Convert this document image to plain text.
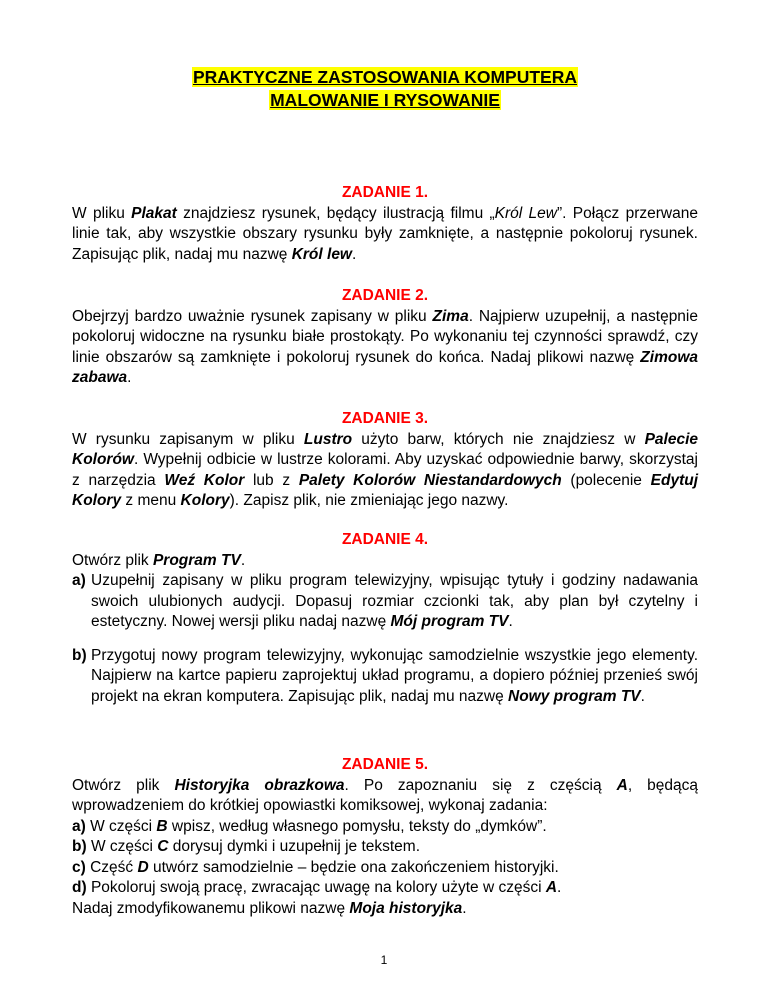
PRAKTYCZNE ZASTOSOWANIA KOMPUTERA
MALOWANIE I RYSOWANIE
ZADANIE 1.

W pliku Plakat znajdziesz rysunek, będący ilustracją filmu „Król Lew”. Połącz przerwane linie tak, aby wszystkie obszary rysunku były zamknięte, a następnie pokoloruj rysunek. Zapisując plik, nadaj mu nazwę Król lew.

ZADANIE 2.

Obejrzyj bardzo uważnie rysunek zapisany w pliku Zima. Najpierw uzupełnij, a następnie pokoloruj widoczne na rysunku białe prostokąty. Po wykonaniu tej czynności sprawdź, czy linie obszarów są zamknięte i pokoloruj rysunek do końca. Nadaj plikowi nazwę Zimowa zabawa.

ZADANIE 3.

W rysunku zapisanym w pliku Lustro użyto barw, których nie znajdziesz w Palecie Kolorów. Wypełnij odbicie w lustrze kolorami. Aby uzyskać odpowiednie barwy, skorzystaj z narzędzia Weź Kolor lub z Palety Kolorów Niestandardowych (polecenie Edytuj Kolory z menu Kolory). Zapisz plik, nie zmieniając jego nazwy.

ZADANIE 4.

Otwórz plik Program TV.

a) Uzupełnij zapisany w pliku program telewizyjny, wpisując tytuły i godziny nadawania swoich ulubionych audycji. Dopasuj rozmiar czcionki tak, aby plan był czytelny i estetyczny. Nowej wersji pliku nadaj nazwę Mój program TV.
b) Przygotuj nowy program telewizyjny, wykonując samodzielnie wszystkie jego elementy. Najpierw na kartce papieru zaprojektuj układ programu, a dopiero później przenieś swój projekt na ekran komputera. Zapisując plik, nadaj mu nazwę Nowy program TV.
ZADANIE 5.

Otwórz plik Historyjka obrazkowa. Po zapoznaniu się z częścią A, będącą wprowadzeniem do krótkiej opowiastki komiksowej, wykonaj zadania:

a) W części B wpisz, według własnego pomysłu, teksty do „dymków”.

b) W części C dorysuj dymki i uzupełnij je tekstem.

c) Część D utwórz samodzielnie – będzie ona zakończeniem historyjki.

d) Pokoloruj swoją pracę, zwracając uwagę na kolory użyte w części A.

Nadaj zmodyfikowanemu plikowi nazwę Moja historyjka.

1
